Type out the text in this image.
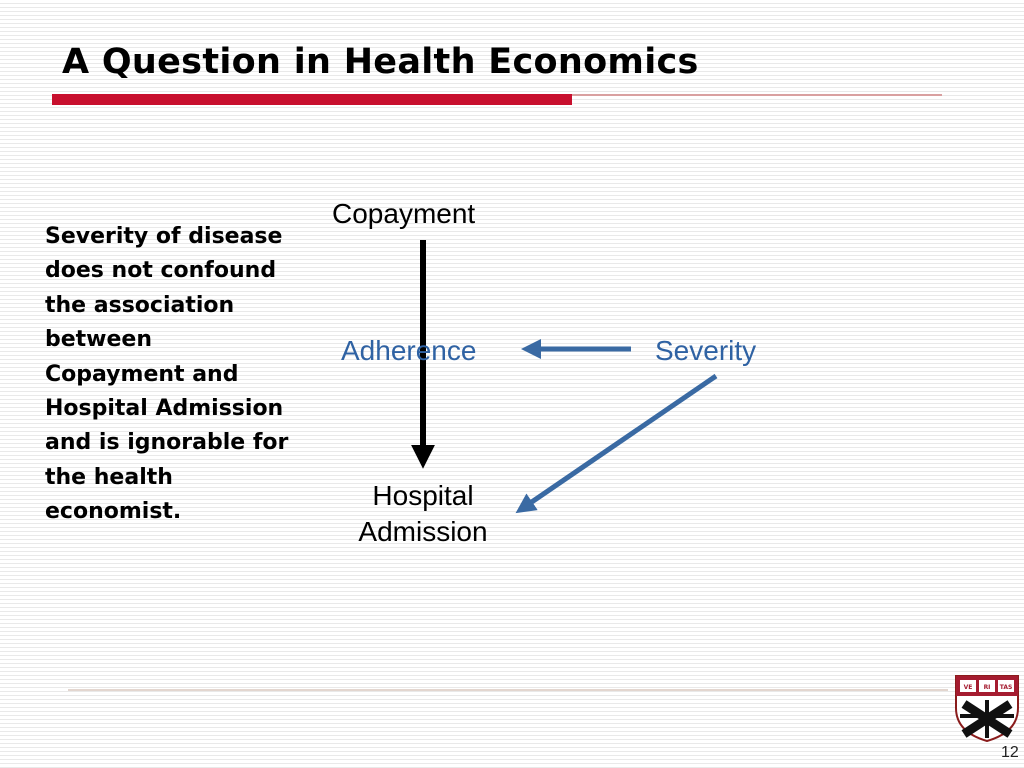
A Question in Health Economics

Severity of disease does not confound the association between Copayment and Hospital Admission and is ignorable for the health economist.

Copayment
Adherence	Severity
Hospital
Admission
VE RI TAS
12
